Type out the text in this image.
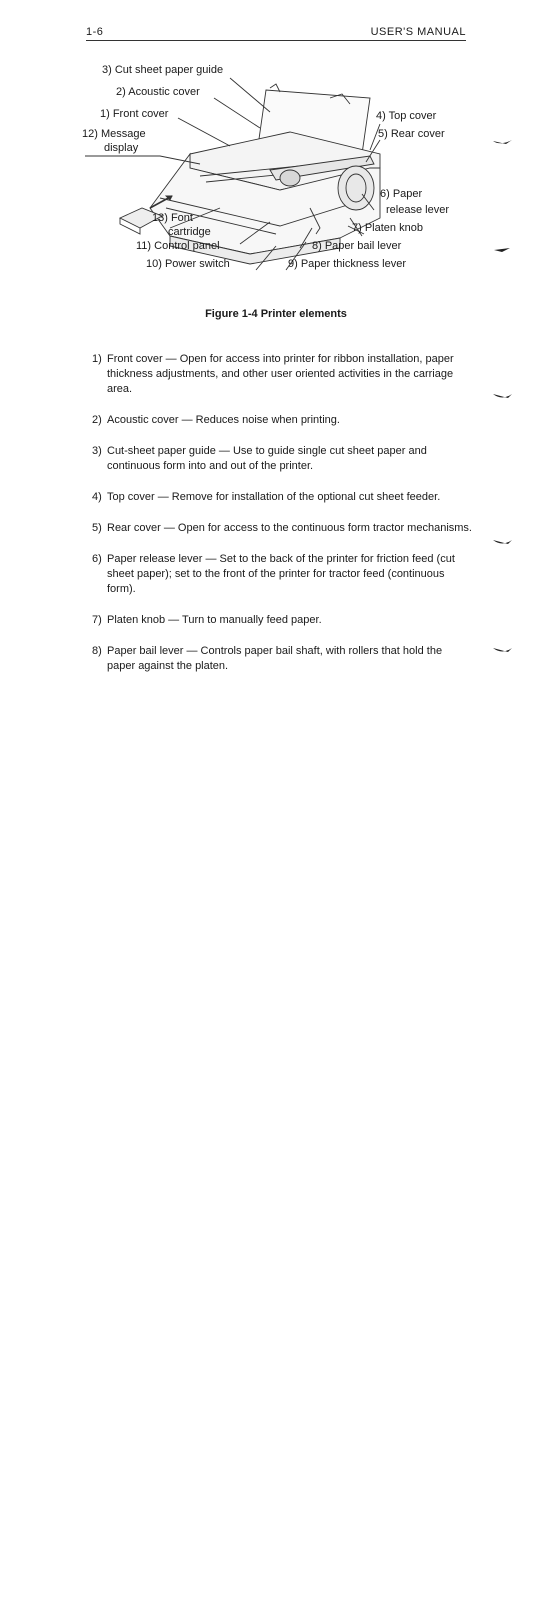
1-6	USER'S MANUAL
3) Cut sheet paper guide
2) Acoustic cover
1) Front cover
12) Message
display
4) Top cover
5) Rear cover
6) Paper
release lever
7) Platen knob
13) Font
cartridge
11) Control panel	8) Paper bail lever
10) Power switch	9) Paper thickness lever
Figure 1-4 Printer elements
1) Front cover — Open for access into printer for ribbon installation, paper thickness adjustments, and other user oriented activities in the carriage area.
2) Acoustic cover — Reduces noise when printing.
3) Cut-sheet paper guide — Use to guide single cut sheet paper and continuous form into and out of the printer.
4) Top cover — Remove for installation of the optional cut sheet feeder.
5) Rear cover — Open for access to the continuous form tractor mechanisms.
6) Paper release lever — Set to the back of the printer for friction feed (cut sheet paper); set to the front of the printer for tractor feed (continuous form).
7) Platen knob — Turn to manually feed paper.
8) Paper bail lever — Controls paper bail shaft, with rollers that hold the paper against the platen.
